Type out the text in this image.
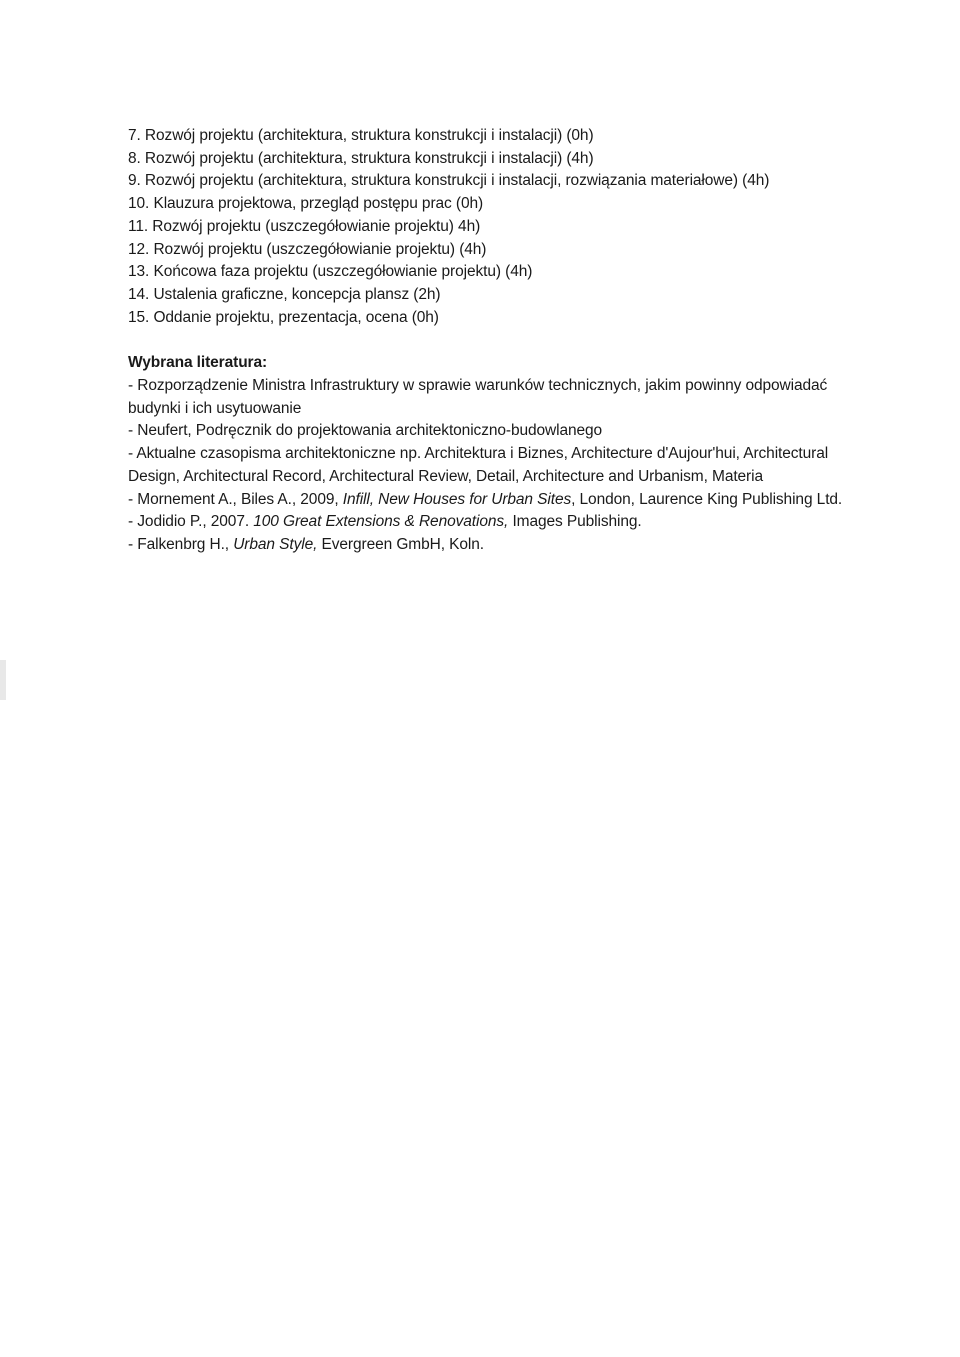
7. Rozwój projektu (architektura, struktura konstrukcji i instalacji) (0h)
8. Rozwój projektu (architektura, struktura konstrukcji i instalacji) (4h)
9. Rozwój projektu (architektura, struktura konstrukcji i instalacji, rozwiązania materiałowe) (4h)
10. Klauzura projektowa, przegląd postępu prac (0h)
11. Rozwój projektu (uszczegółowianie projektu) 4h)
12. Rozwój projektu (uszczegółowianie projektu) (4h)
13. Końcowa faza projektu (uszczegółowianie projektu) (4h)
14. Ustalenia graficzne, koncepcja plansz (2h)
15. Oddanie projektu, prezentacja, ocena (0h)

Wybrana literatura:

- Rozporządzenie Ministra Infrastruktury w sprawie warunków technicznych, jakim powinny odpowiadać budynki i ich usytuowanie
- Neufert, Podręcznik do projektowania architektoniczno-budowlanego
- Aktualne czasopisma architektoniczne np. Architektura i Biznes, Architecture d'Aujour'hui, Architectural Design, Architectural Record, Architectural Review, Detail, Architecture and Urbanism, Materia
- Mornement A., Biles A., 2009, Infill, New Houses for Urban Sites, London, Laurence King Publishing Ltd.
- Jodidio P., 2007. 100 Great Extensions & Renovations, Images Publishing.
- Falkenbrg H., Urban Style, Evergreen GmbH, Koln.
